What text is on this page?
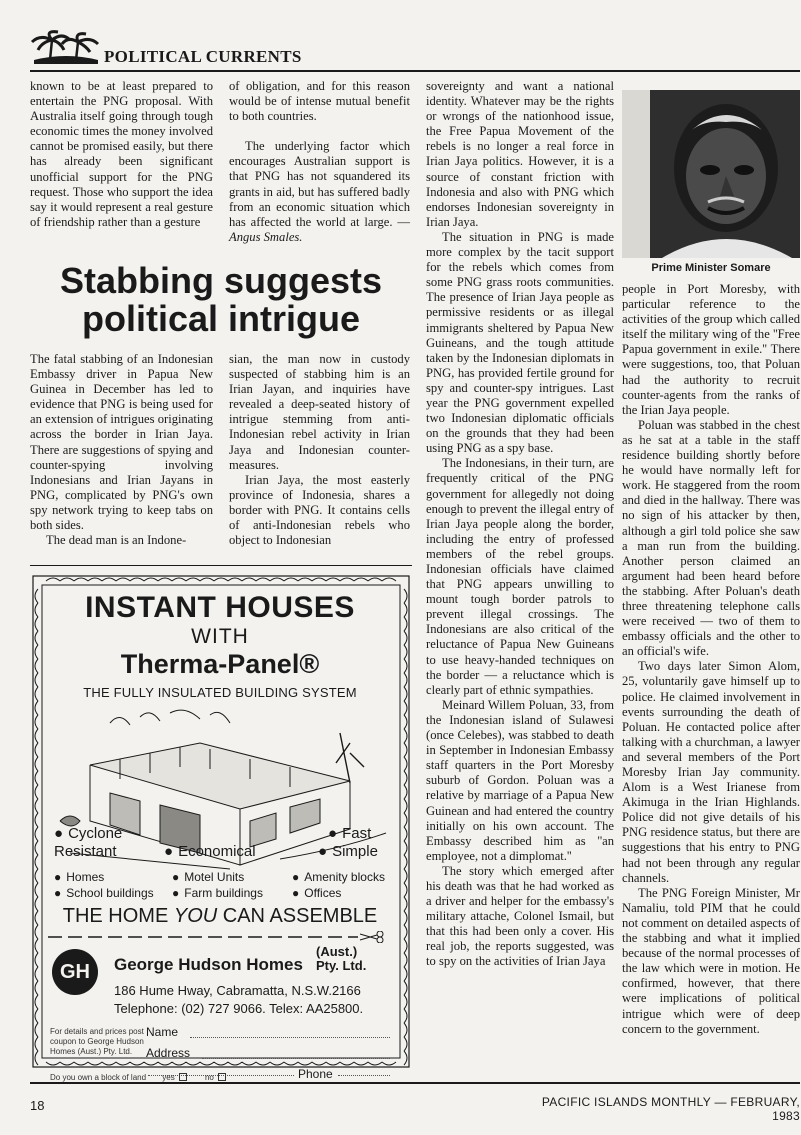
POLITICAL CURRENTS

known to be at least prepared to entertain the PNG proposal. With Australia itself going through tough economic times the money involved cannot be promised easily, but there has already been significant unofficial support for the PNG request. Those who support the idea say it would represent a real gesture of friendship rather than a gesture

of obligation, and for this reason would be of intense mutual benefit to both countries.

The underlying factor which encourages Australian support is that PNG has not squandered its grants in aid, but has suffered badly from an economic situation which has affected the world at large. — Angus Smales.

Stabbing suggests
political intrigue

The fatal stabbing of an Indonesian Embassy driver in Papua New Guinea in December has led to evidence that PNG is being used for an extension of intrigues originating across the border in Irian Jaya. There are suggestions of spying and counter-spying involving Indonesians and Irian Jayans in PNG, complicated by PNG's own spy network trying to keep tabs on both sides.

The dead man is an Indone-

sian, the man now in custody suspected of stabbing him is an Irian Jayan, and inquiries have revealed a deep-seated history of intrigue stemming from anti-Indonesian rebel activity in Irian Jaya and Indonesian counter-measures.

Irian Jaya, the most easterly province of Indonesia, shares a border with PNG. It contains cells of anti-Indonesian rebels who object to Indonesian

INSTANT HOUSES
WITH
Therma-Panel®
THE FULLY INSULATED BUILDING SYSTEM
● Cyclone
Resistant
●	Economical
● Fast
● Simple
● Homes
● School buildings
● Motel Units
● Farm buildings
● Amenity blocks
● Offices
THE HOME YOU CAN ASSEMBLE
GH	George Hudson Homes
(Aust.)
Pty. Ltd.
186 Hume Hway, Cabramatta, N.S.W.2166
Telephone: (02) 727 9066. Telex: AA25800.
For details and prices post coupon to George Hudson Homes (Aust.) Pty. Ltd.
Name
Address
Phone
Do you own a block of land yes	no

sovereignty and want a national identity. Whatever may be the rights or wrongs of the nationhood issue, the Free Papua Movement of the rebels is no longer a real force in Irian Jaya politics. However, it is a source of constant friction with Indonesia and also with PNG which endorses Indonesian sovereignty in Irian Jaya.

The situation in PNG is made more complex by the tacit support for the rebels which comes from some PNG grass roots communities. The presence of Irian Jaya people as permissive residents or as illegal immigrants sheltered by Papua New Guineans, and the tough attitude taken by the Indonesian diplomats in PNG, has provided fertile ground for spy and counter-spy intrigues. Last year the PNG government expelled two Indonesian diplomatic officials on the grounds that they had been using PNG as a spy base.

The Indonesians, in their turn, are frequently critical of the PNG government for allegedly not doing enough to prevent the illegal entry of Irian Jaya people along the border, including the entry of professed members of the rebel groups. Indonesian officials have claimed that PNG appears unwilling to mount tough border patrols to prevent illegal crossings. The Indonesians are also critical of the reluctance of Papua New Guineans to use heavy-handed techniques on the border — a reluctance which is clearly part of ethnic sympathies.

Meinard Willem Poluan, 33, from the Indonesian island of Sulawesi (once Celebes), was stabbed to death in September in Indonesian Embassy staff quarters in the Port Moresby suburb of Gordon. Poluan was a relative by marriage of a Papua New Guinean and had entered the country initially on his own account. The Embassy described him as ''an employee, not a dimplomat.''

The story which emerged after his death was that he had worked as a driver and helper for the embassy's military attache, Colonel Ismail, but that this had been only a cover. His real job, the reports suggested, was to spy on the activities of Irian Jaya

Prime Minister Somare

people in Port Moresby, with particular reference to the activities of the group which called itself the military wing of the ''Free Papua government in exile.'' There were suggestions, too, that Poluan had the authority to recruit counter-agents from the ranks of the Irian Jaya people.

Poluan was stabbed in the chest as he sat at a table in the staff residence building shortly before he would have normally left for work. He staggered from the room and died in the hallway. There was no sign of his attacker by then, although a girl told police she saw a man run from the building. Another person claimed an argument had been heard before the stabbing. After Poluan's death three threatening telephone calls were received — two of them to embassy officials and the other to an official's wife.

Two days later Simon Alom, 25, voluntarily gave himself up to police. He claimed involvement in events surrounding the death of Poluan. He contacted police after talking with a churchman, a lawyer and several members of the Port Moresby Irian Jay community. Alom is a West Irianese from Akimuga in the Irian Highlands. Police did not give details of his PNG residence status, but there are suggestions that his entry to PNG had not been through any regular channels.

The PNG Foreign Minister, Mr Namaliu, told PIM that he could not comment on detailed aspects of the stabbing and what it implied because of the normal processes of the law which were in motion. He confirmed, however, that there were implications of political intrigue which were of deep concern to the government.

18	PACIFIC ISLANDS MONTHLY — FEBRUARY, 1983
